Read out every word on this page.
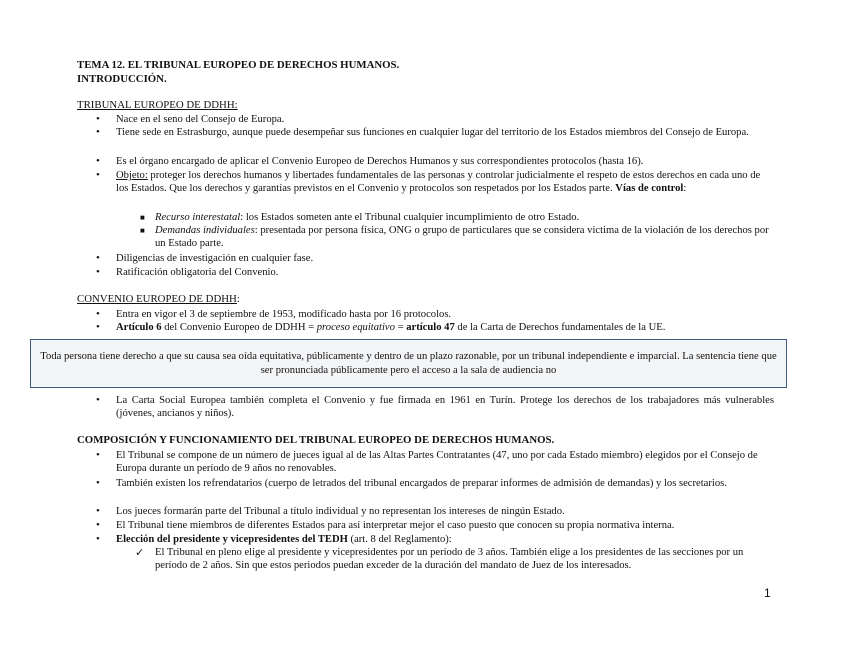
TEMA 12. EL TRIBUNAL EUROPEO DE DERECHOS HUMANOS.
INTRODUCCIÓN.
TRIBUNAL EUROPEO DE DDHH:
• Nace en el seno del Consejo de Europa.
• Tiene sede en Estrasburgo, aunque puede desempeñar sus funciones en cualquier lugar del territorio de los Estados miembros del Consejo de Europa.
• Es el órgano encargado de aplicar el Convenio Europeo de Derechos Humanos y sus correspondientes protocolos (hasta 16).
• Objeto: proteger los derechos humanos y libertades fundamentales de las personas y controlar judicialmente el respeto de estos derechos en cada uno de los Estados. Que los derechos y garantías previstos en el Convenio y protocolos son respetados por los Estados parte. Vías de control:
■ Recurso interestatal: los Estados someten ante el Tribunal cualquier incumplimiento de otro Estado.
■ Demandas individuales: presentada por persona física, ONG o grupo de particulares que se considera victima de la violación de los derechos por un Estado parte.
• Diligencias de investigación en cualquier fase.
• Ratificación obligatoria del Convenio.
CONVENIO EUROPEO DE DDHH:
• Entra en vigor el 3 de septiembre de 1953, modificado hasta por 16 protocolos.
• Artículo 6 del Convenio Europeo de DDHH = proceso equitativo = artículo 47 de la Carta de Derechos fundamentales de la UE.
Toda persona tiene derecho a que su causa sea oída equitativa, públicamente y dentro de un plazo razonable, por un tribunal independiente e imparcial. La sentencia tiene que ser pronunciada públicamente pero el acceso a la sala de audiencia no
• La Carta Social Europea también completa el Convenio y fue firmada en 1961 en Turín. Protege los derechos de los trabajadores más vulnerables (jóvenes, ancianos y niños).
COMPOSICIÓN Y FUNCIONAMIENTO DEL TRIBUNAL EUROPEO DE DERECHOS HUMANOS.
• El Tribunal se compone de un número de jueces igual al de las Altas Partes Contratantes (47, uno por cada Estado miembro) elegidos por el Consejo de Europa durante un período de 9 años no renovables.
• También existen los refrendatarios (cuerpo de letrados del tribunal encargados de preparar informes de admisión de demandas) y los secretarios.
• Los jueces formarán parte del Tribunal a título individual y no representan los intereses de ningún Estado.
• El Tribunal tiene miembros de diferentes Estados para así interpretar mejor el caso puesto que conocen su propia normativa interna.
• Elección del presidente y vicepresidentes del TEDH (art. 8 del Reglamento):
✓ El Tribunal en pleno elige al presidente y vicepresidentes por un período de 3 años. También elige a los presidentes de las secciones por un período de 2 años. Sin que estos periodos puedan exceder de la duración del mandato de Juez de los interesados.
1
